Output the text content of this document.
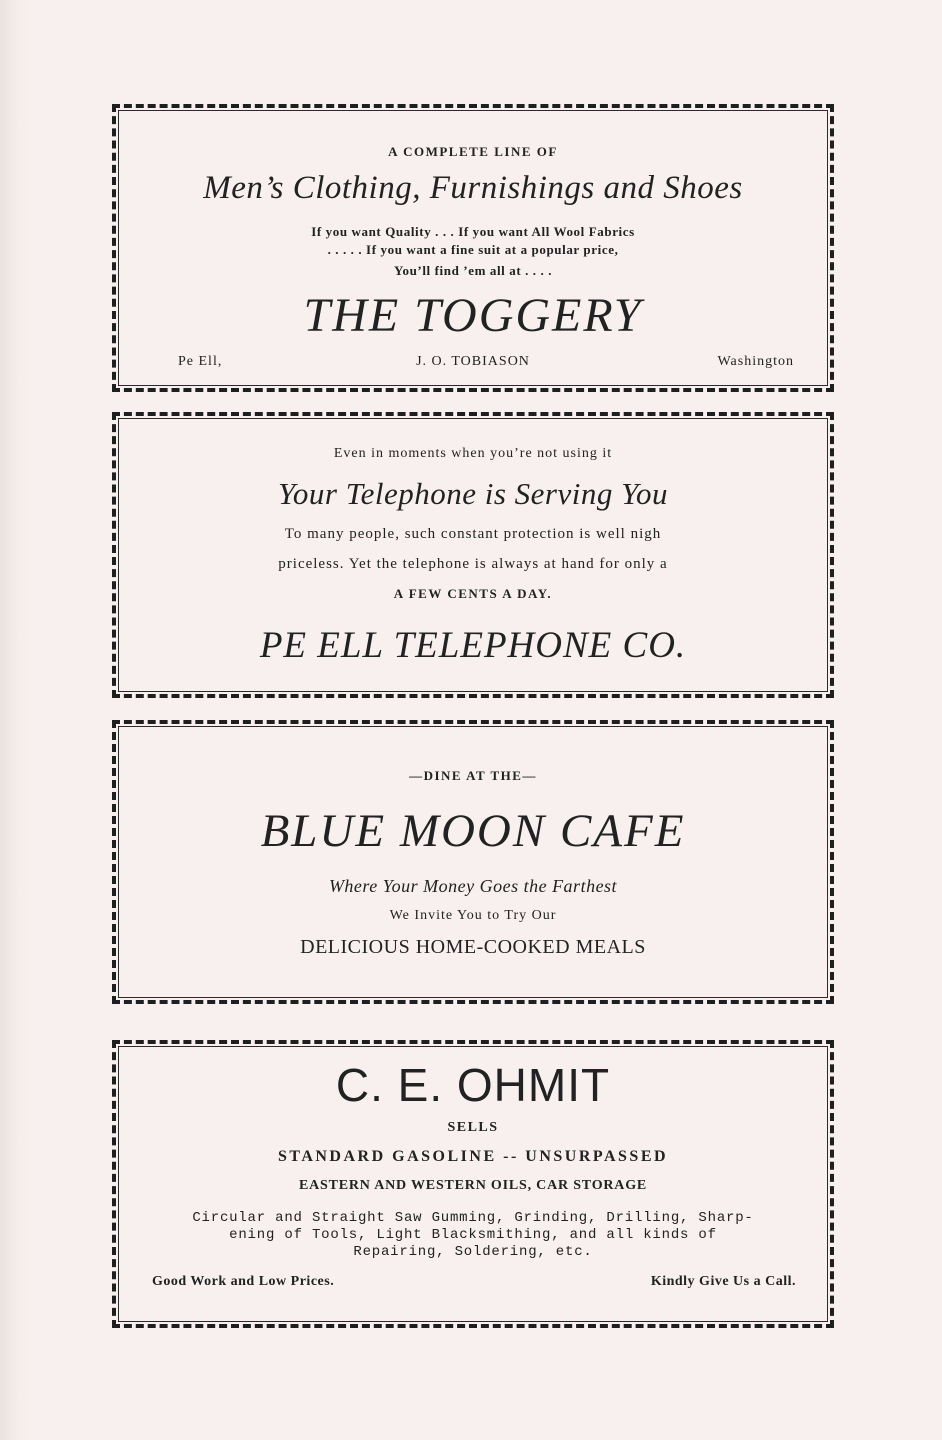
A COMPLETE LINE OF
Men’s Clothing, Furnishings and Shoes
If you want Quality . . . If you want All Wool Fabrics
. . . . . If you want a fine suit at a popular price,
You’ll find ’em all at . . . .
THE TOGGERY
Pe Ell,	J. O. TOBIASON	Washington
Even in moments when you’re not using it
Your Telephone is Serving You
To many people, such constant protection is well nigh
priceless. Yet the telephone is always at hand for only a
A FEW CENTS A DAY.
PE ELL TELEPHONE CO.
—DINE AT THE—
BLUE MOON CAFE
Where Your Money Goes the Farthest
We Invite You to Try Our
DELICIOUS HOME-COOKED MEALS
C. E. OHMIT
SELLS
STANDARD GASOLINE -- UNSURPASSED
EASTERN AND WESTERN OILS, CAR STORAGE
Circular and Straight Saw Gumming, Grinding, Drilling, Sharp-
ening of Tools, Light Blacksmithing, and all kinds of
Repairing, Soldering, etc.
Good Work and Low Prices.	Kindly Give Us a Call.
